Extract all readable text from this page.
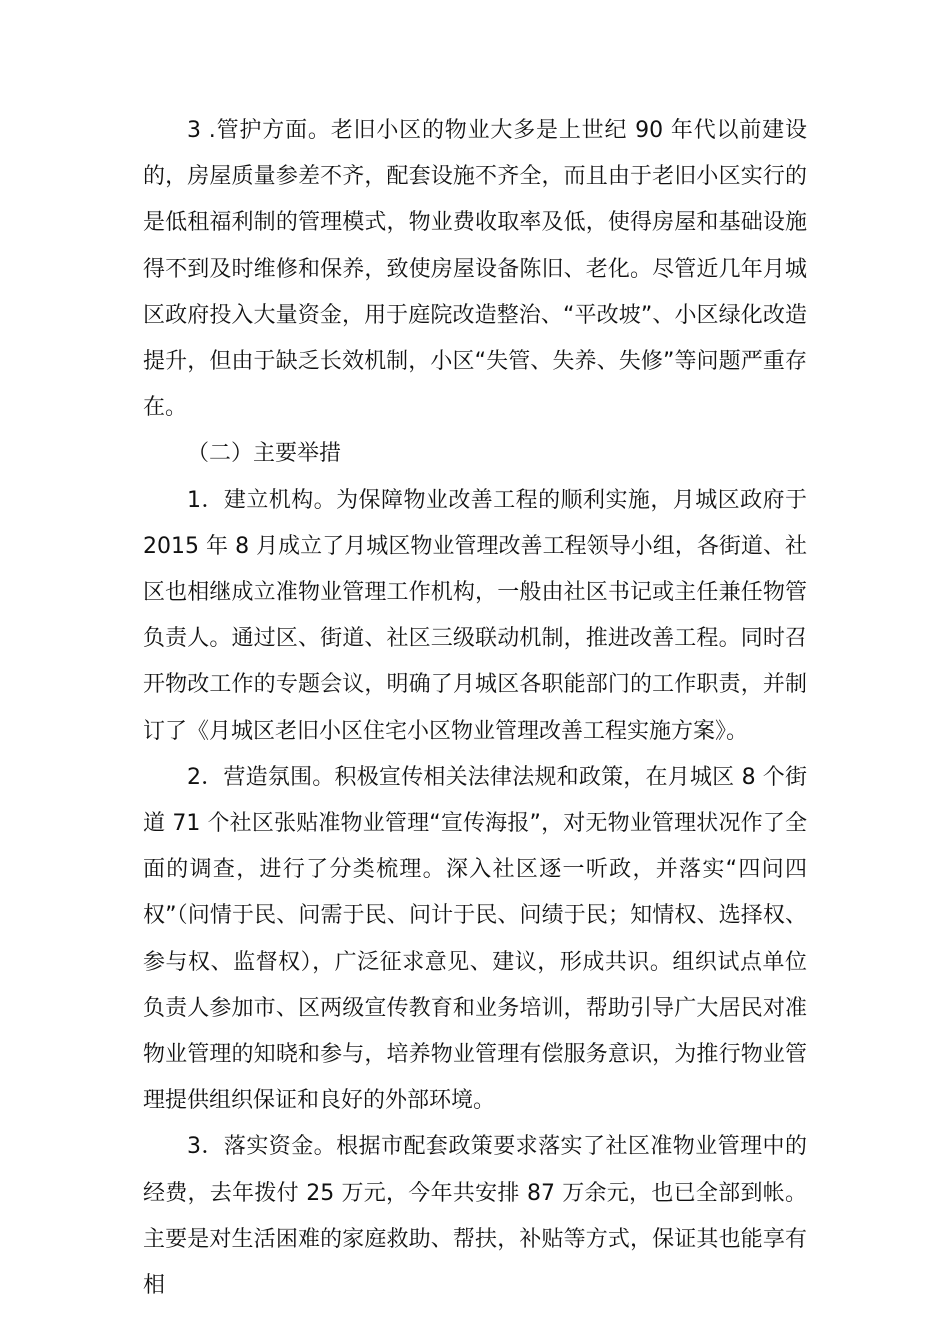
3 .管护方面。老旧小区的物业大多是上世纪 90 年代以前建设的，房屋质量参差不齐，配套设施不齐全，而且由于老旧小区实行的是低租福利制的管理模式，物业费收取率及低，使得房屋和基础设施得不到及时维修和保养，致使房屋设备陈旧、老化。尽管近几年月城区政府投入大量资金，用于庭院改造整治、“平改坡”、小区绿化改造提升，但由于缺乏长效机制，小区“失管、失养、失修”等问题严重存在。

（二）主要举措

1．建立机构。为保障物业改善工程的顺利实施，月城区政府于 2015 年 8 月成立了月城区物业管理改善工程领导小组，各街道、社区也相继成立准物业管理工作机构，一般由社区书记或主任兼任物管负责人。通过区、街道、社区三级联动机制，推进改善工程。同时召开物改工作的专题会议，明确了月城区各职能部门的工作职责，并制订了《月城区老旧小区住宅小区物业管理改善工程实施方案》。

2．营造氛围。积极宣传相关法律法规和政策，在月城区 8 个街道 71 个社区张贴准物业管理“宣传海报”，对无物业管理状况作了全面的调查，进行了分类梳理。深入社区逐一听政，并落实“四问四权”（问情于民、问需于民、问计于民、问绩于民；知情权、选择权、参与权、监督权），广泛征求意见、建议，形成共识。组织试点单位负责人参加市、区两级宣传教育和业务培训，帮助引导广大居民对准物业管理的知晓和参与，培养物业管理有偿服务意识，为推行物业管理提供组织保证和良好的外部环境。

3．落实资金。根据市配套政策要求落实了社区准物业管理中的经费，去年拨付 25 万元，今年共安排 87 万余元，也已全部到帐。主要是对生活困难的家庭救助、帮扶，补贴等方式，保证其也能享有相
